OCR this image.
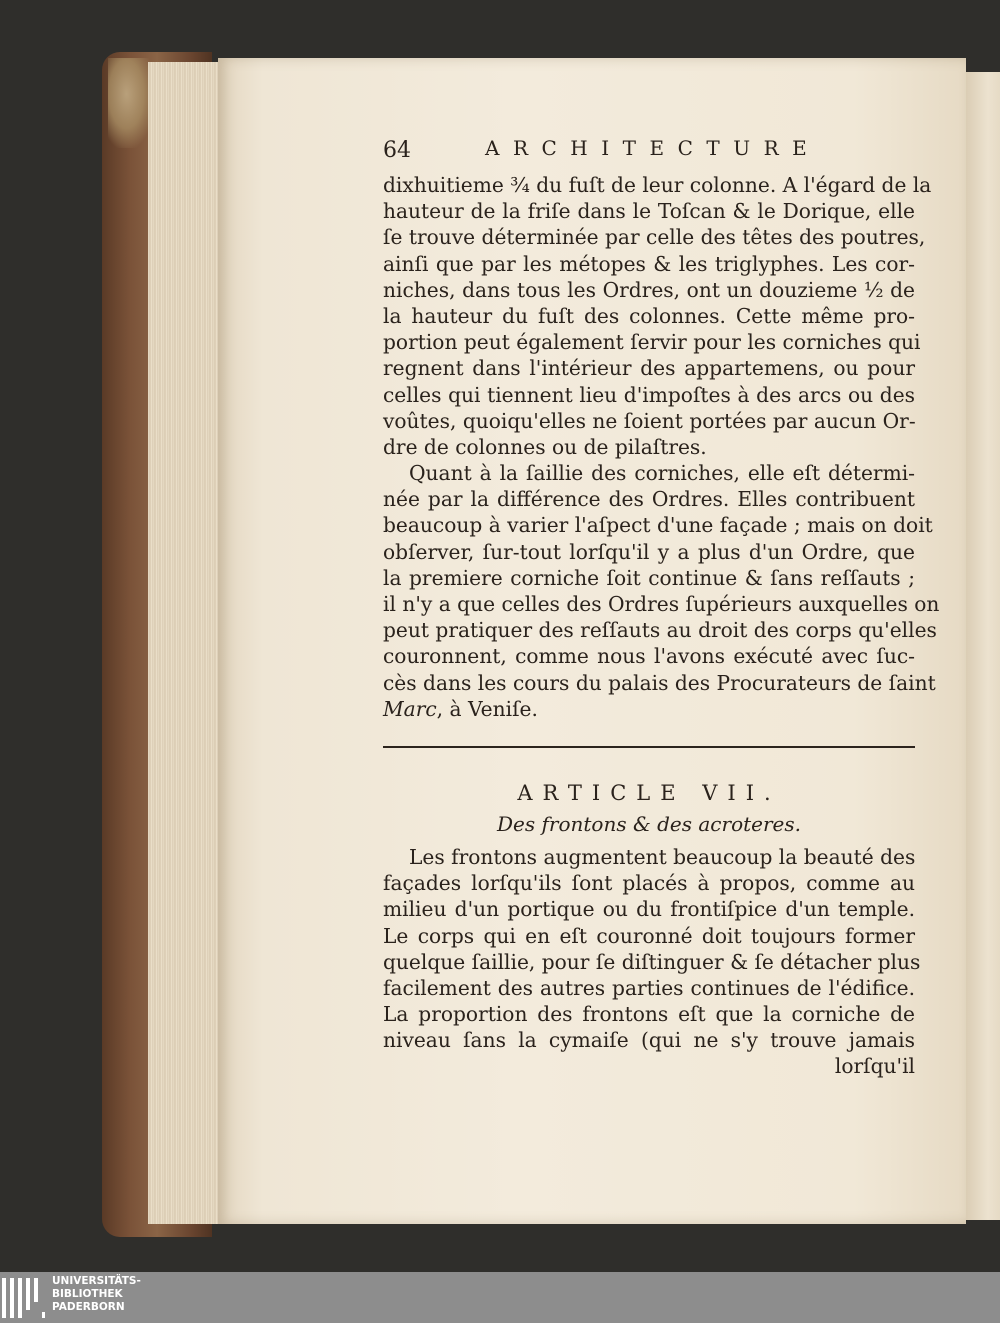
64	ARCHITECTURE
dixhuitieme ¾ du fuſt de leur colonne. A l'égard de la
hauteur de la friſe dans le Toſcan & le Dorique, elle
ſe trouve déterminée par celle des têtes des poutres,
ainſi que par les métopes & les triglyphes. Les cor-
niches, dans tous les Ordres, ont un douzieme ½ de
la hauteur du fuſt des colonnes. Cette même pro-
portion peut également ſervir pour les corniches qui
regnent dans l'intérieur des appartemens, ou pour
celles qui tiennent lieu d'impoſtes à des arcs ou des
voûtes, quoiqu'elles ne ſoient portées par aucun Or-
dre de colonnes ou de pilaſtres.
Quant à la ſaillie des corniches, elle eſt détermi-
née par la différence des Ordres. Elles contribuent
beaucoup à varier l'aſpect d'une façade ; mais on doit
obſerver, ſur-tout lorſqu'il y a plus d'un Ordre, que
la premiere corniche ſoit continue & ſans reſſauts ;
il n'y a que celles des Ordres ſupérieurs auxquelles on
peut pratiquer des reſſauts au droit des corps qu'elles
couronnent, comme nous l'avons exécuté avec ſuc-
cès dans les cours du palais des Procurateurs de ſaint
Marc, à Veniſe.
ARTICLE VII.
Des frontons & des acroteres.
Les frontons augmentent beaucoup la beauté des
façades lorſqu'ils ſont placés à propos, comme au
milieu d'un portique ou du frontiſpice d'un temple.
Le corps qui en eſt couronné doit toujours former
quelque ſaillie, pour ſe diſtinguer & ſe détacher plus
facilement des autres parties continues de l'édifice.
La proportion des frontons eſt que la corniche de
niveau ſans la cymaiſe (qui ne s'y trouve jamais
lorſqu'il
UNIVERSITÄTS-
BIBLIOTHEK
PADERBORN
